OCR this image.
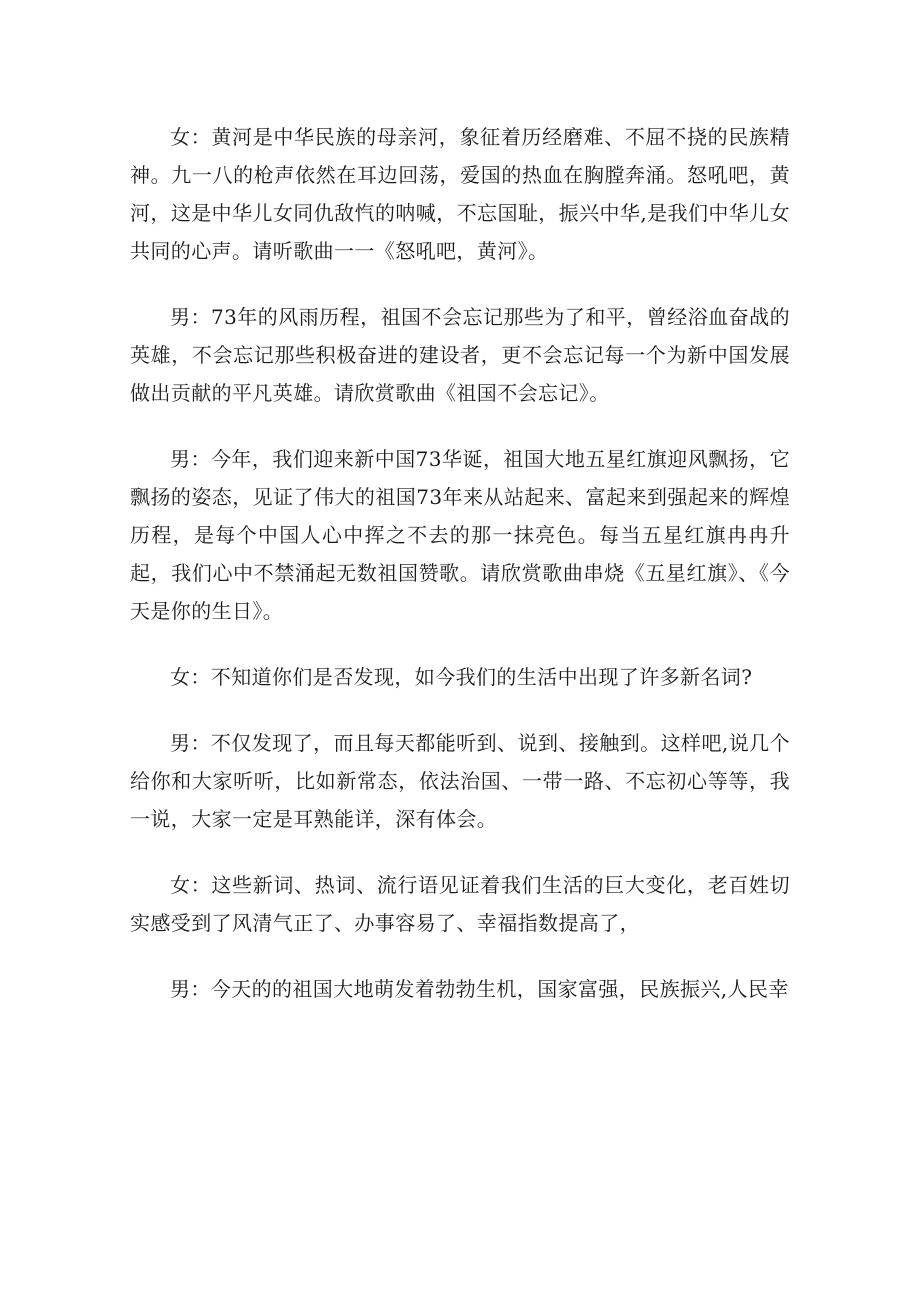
女：黄河是中华民族的母亲河，象征着历经磨难、不屈不挠的民族精神。九一八的枪声依然在耳边回荡，爱国的热血在胸膛奔涌。怒吼吧，黄河，这是中华儿女同仇敌忾的呐喊，不忘国耻，振兴中华,是我们中华儿女共同的心声。请听歌曲一一《怒吼吧，黄河》。

男：73年的风雨历程，祖国不会忘记那些为了和平，曾经浴血奋战的英雄，不会忘记那些积极奋进的建设者，更不会忘记每一个为新中国发展做出贡献的平凡英雄。请欣赏歌曲《祖国不会忘记》。

男：今年，我们迎来新中国73华诞，祖国大地五星红旗迎风飘扬，它飘扬的姿态，见证了伟大的祖国73年来从站起来、富起来到强起来的辉煌历程，是每个中国人心中挥之不去的那一抹亮色。每当五星红旗冉冉升起，我们心中不禁涌起无数祖国赞歌。请欣赏歌曲串烧《五星红旗》、《今天是你的生日》。

女：不知道你们是否发现，如今我们的生活中出现了许多新名词?

男：不仅发现了，而且每天都能听到、说到、接触到。这样吧,说几个给你和大家听听，比如新常态，依法治国、一带一路、不忘初心等等，我一说，大家一定是耳熟能详，深有体会。

女：这些新词、热词、流行语见证着我们生活的巨大变化，老百姓切实感受到了风清气正了、办事容易了、幸福指数提高了，

男：今天的的祖国大地萌发着勃勃生机，国家富强，民族振兴,人民幸
